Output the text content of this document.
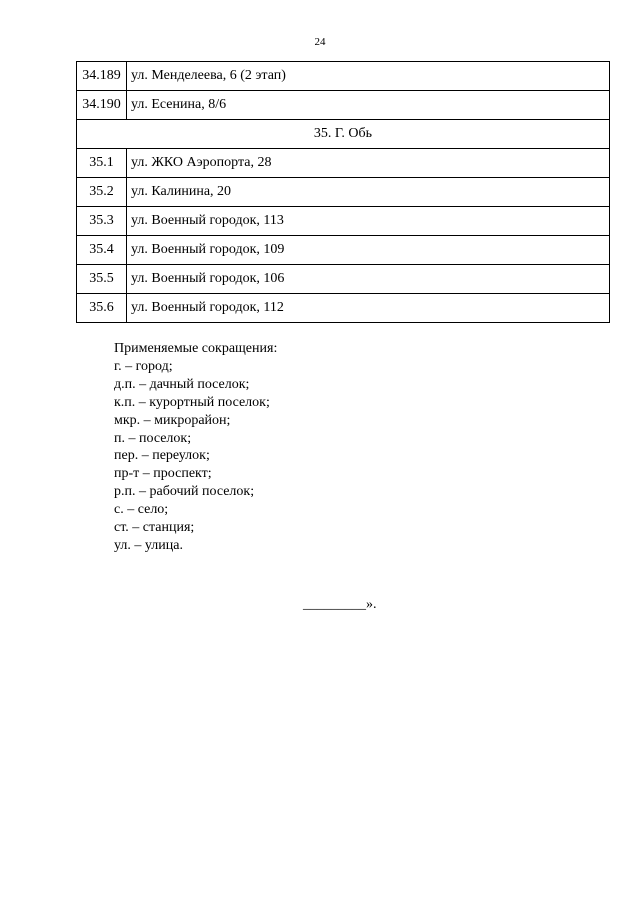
24
34.189	ул. Менделеева, 6 (2 этап)
34.190	ул. Есенина, 8/6
35. Г. Обь	
35.1	ул. ЖКО Аэропорта, 28
35.2	ул. Калинина, 20
35.3	ул. Военный городок, 113
35.4	ул. Военный городок, 109
35.5	ул. Военный городок, 106
35.6	ул. Военный городок, 112
Применяемые сокращения:
г. – город;
д.п. – дачный поселок;
к.п. – курортный поселок;
мкр. – микрорайон;
п. – поселок;
пер. – переулок;
пр-т – проспект;
р.п. – рабочий поселок;
с. – село;
ст. – станция;
ул. – улица.
_________».
